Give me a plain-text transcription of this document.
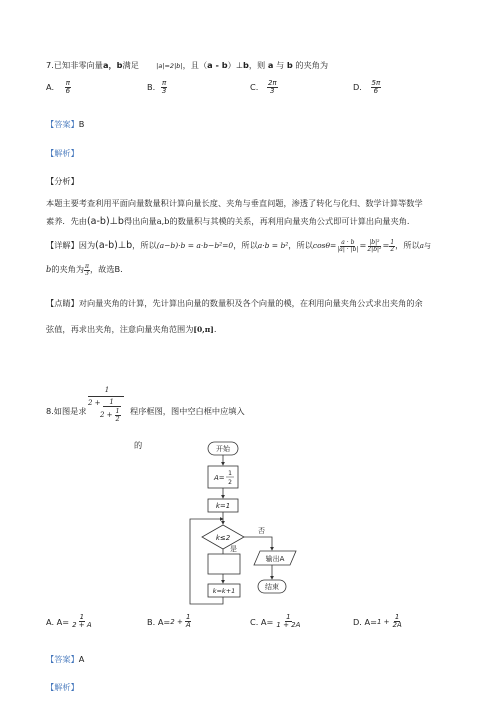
7.已知非零向量a，b满足	|a|=2|b|，且（a - b）⊥b，则 a 与 b 的夹角为
A. $\frac{\pi}{6}$	B. $\frac{\pi}{3}$	C. $\frac{2\pi}{3}$	D. $\frac{5\pi}{6}$
【答案】B
【解析】
【分析】
本题主要考查利用平面向量数量积计算向量长度、夹角与垂直问题，渗透了转化与化归、数学计算等数学
素养．先由(a-b)⊥b得出向量a,b的数量积与其模的关系，再利用向量夹角公式即可计算出向量夹角.
【详解】因为(a-b)⊥b，所以(a−b)·b = a·b−b²=0，所以a·b = b²，所以$\cos\theta= \frac{a \cdot b}{|a| \cdot |b|} = \frac{\text{|b|²}}{\text{2|b|²}} = \frac{1}{2}$ ，所以a与
b的夹角为 $\frac{\pi}{3}$ ，故选B.
【点睛】对向量夹角的计算，先计算出向量的数量积及各个向量的模，在利用向量夹角公式求出夹角的余
弦值，再求出夹角，注意向量夹角范围为[0,π].
8.如图是求
1
2 + 1
$2 + \frac{1}{2}$ 程序框图，图中空白框中应填入
的	开始
A=
1
2
k=1
k≤2
否
是
输出A
结束
k=k+1
A. $A= \frac{1}{2 + A}$	B. $A= 2 + \frac{1}{A}$	C. $A= \frac{1}{1 + 2A}$	D. $A= 1 + \frac{1}{2A}$
【答案】A
【解析】
